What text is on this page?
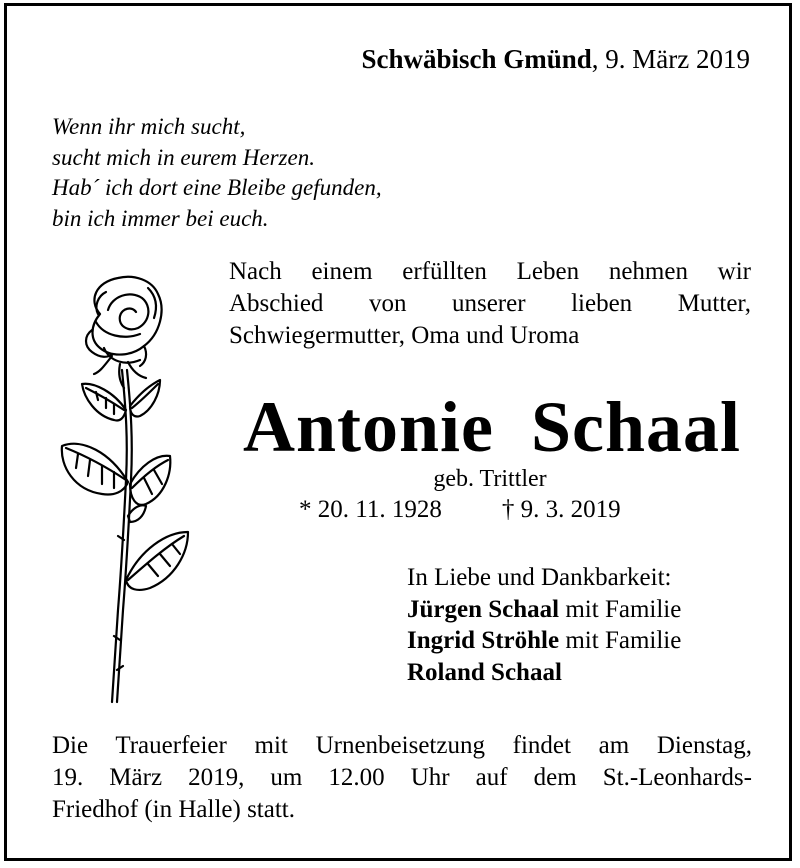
Schwäbisch Gmünd, 9. März 2019
Wenn ihr mich sucht,
sucht mich in eurem Herzen.
Hab´ ich dort eine Bleibe gefunden,
bin ich immer bei euch.
Nach einem erfüllten Leben nehmen wir
Abschied von unserer lieben Mutter,
Schwiegermutter, Oma und Uroma
Antonie Schaal
geb. Trittler
* 20. 11. 1928 † 9. 3. 2019
In Liebe und Dankbarkeit:
Jürgen Schaal mit Familie
Ingrid Ströhle mit Familie
Roland Schaal
Die Trauerfeier mit Urnenbeisetzung findet am Dienstag,
19. März 2019, um 12.00 Uhr auf dem St.-Leonhards-
Friedhof (in Halle) statt.
